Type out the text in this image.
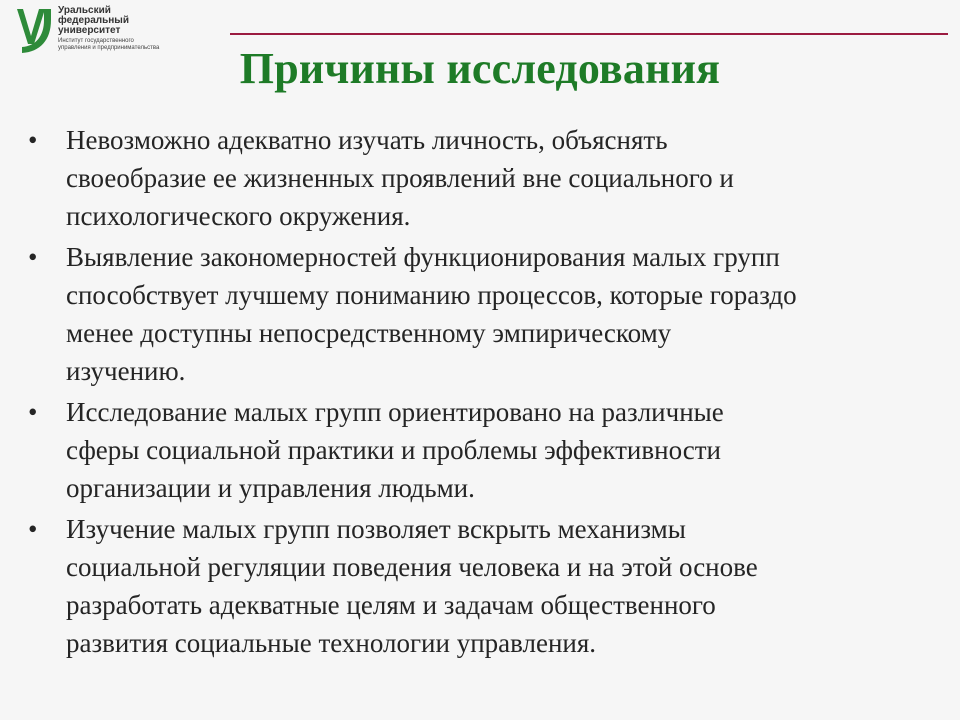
Уральский
федеральный
университет
Институт государственного
управления и предпринимательства	Причины исследования
• Невозможно адекватно изучать личность, объяснять
своеобразие ее жизненных проявлений вне социального и
психологического окружения.
• Выявление закономерностей функционирования малых групп
способствует лучшему пониманию процессов, которые гораздо
менее доступны непосредственному эмпирическому
изучению.
• Исследование малых групп ориентировано на различные
сферы социальной практики и проблемы эффективности
организации и управления людьми.
• Изучение малых групп позволяет вскрыть механизмы
социальной регуляции поведения человека и на этой основе
разработать адекватные целям и задачам общественного
развития социальные технологии управления.
